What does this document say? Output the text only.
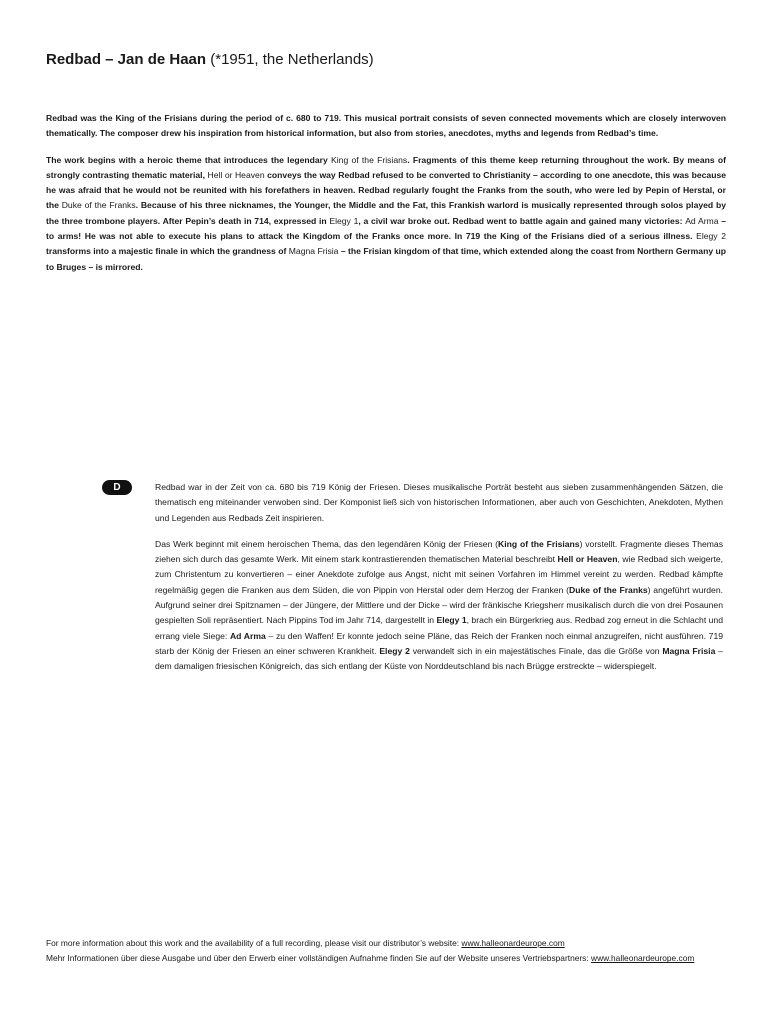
Redbad – Jan de Haan (*1951, the Netherlands)

Redbad was the King of the Frisians during the period of c. 680 to 719. This musical portrait consists of seven connected movements which are closely interwoven thematically. The composer drew his inspiration from historical information, but also from stories, anecdotes, myths and legends from Redbad’s time.

The work begins with a heroic theme that introduces the legendary King of the Frisians. Fragments of this theme keep returning throughout the work. By means of strongly contrasting thematic material, Hell or Heaven conveys the way Redbad refused to be converted to Christianity – according to one anecdote, this was because he was afraid that he would not be reunited with his forefathers in heaven. Redbad regularly fought the Franks from the south, who were led by Pepin of Herstal, or the Duke of the Franks. Because of his three nicknames, the Younger, the Middle and the Fat, this Frankish warlord is musically represented through solos played by the three trombone players. After Pepin’s death in 714, expressed in Elegy 1, a civil war broke out. Redbad went to battle again and gained many victories: Ad Arma – to arms! He was not able to execute his plans to attack the Kingdom of the Franks once more. In 719 the King of the Frisians died of a serious illness. Elegy 2 transforms into a majestic finale in which the grandness of Magna Frisia – the Frisian kingdom of that time, which extended along the coast from Northern Germany up to Bruges – is mirrored.

D	Redbad war in der Zeit von ca. 680 bis 719 König der Friesen. Dieses musikalische Porträt besteht aus sieben zusammenhängenden Sätzen, die thematisch eng miteinander verwoben sind. Der Komponist ließ sich von historischen Informationen, aber auch von Geschichten, Anekdoten, Mythen und Legenden aus Redbads Zeit inspirieren.

Das Werk beginnt mit einem heroischen Thema, das den legendären König der Friesen (King of the Frisians) vorstellt. Fragmente dieses Themas ziehen sich durch das gesamte Werk. Mit einem stark kontrastierenden thematischen Material beschreibt Hell or Heaven, wie Redbad sich weigerte, zum Christentum zu konvertieren – einer Anekdote zufolge aus Angst, nicht mit seinen Vorfahren im Himmel vereint zu werden. Redbad kämpfte regelmäßig gegen die Franken aus dem Süden, die von Pippin von Herstal oder dem Herzog der Franken (Duke of the Franks) angeführt wurden. Aufgrund seiner drei Spitznamen – der Jüngere, der Mittlere und der Dicke – wird der fränkische Kriegsherr musikalisch durch die von drei Posaunen gespielten Soli repräsentiert. Nach Pippins Tod im Jahr 714, dargestellt in Elegy 1, brach ein Bürgerkrieg aus. Redbad zog erneut in die Schlacht und errang viele Siege: Ad Arma – zu den Waffen! Er konnte jedoch seine Pläne, das Reich der Franken noch einmal anzugreifen, nicht ausführen. 719 starb der König der Friesen an einer schweren Krankheit. Elegy 2 verwandelt sich in ein majestätisches Finale, das die Größe von Magna Frisia – dem damaligen friesischen Königreich, das sich entlang der Küste von Norddeutschland bis nach Brügge erstreckte – widerspiegelt.

For more information about this work and the availability of a full recording, please visit our distributor’s website: www.halleonardeurope.com

Mehr Informationen über diese Ausgabe und über den Erwerb einer vollständigen Aufnahme finden Sie auf der Website unseres Vertriebspartners: www.halleonardeurope.com
